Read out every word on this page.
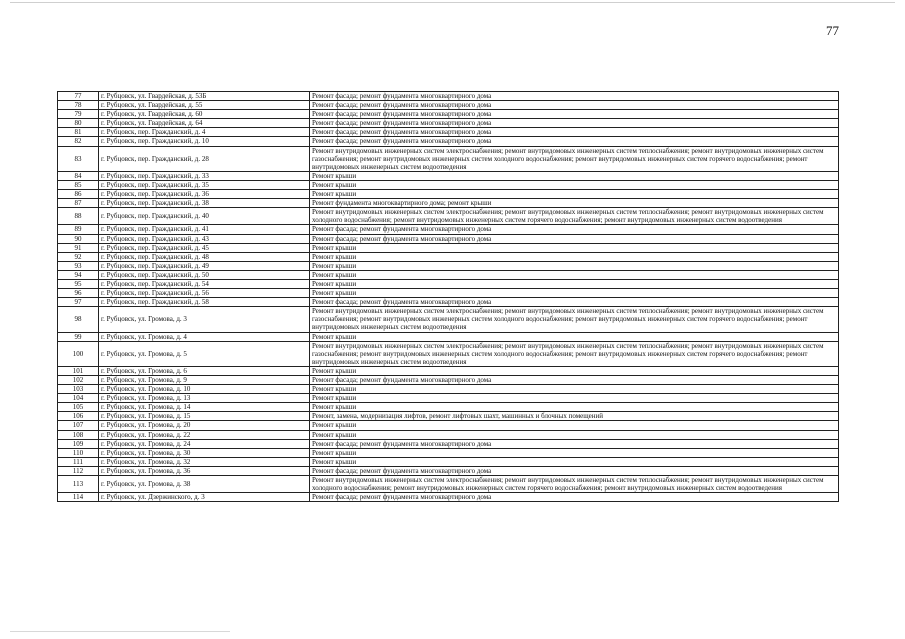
77
77	г. Рубцовск, ул. Гвардейская, д. 53Б	Ремонт фасада; ремонт фундамента многоквартирного дома
78	г. Рубцовск, ул. Гвардейская, д. 55	Ремонт фасада; ремонт фундамента многоквартирного дома
79	г. Рубцовск, ул. Гвардейская, д. 60	Ремонт фасада; ремонт фундамента многоквартирного дома
80	г. Рубцовск, ул. Гвардейская, д. 64	Ремонт фасада; ремонт фундамента многоквартирного дома
81	г. Рубцовск, пер. Гражданский, д. 4	Ремонт фасада; ремонт фундамента многоквартирного дома
82	г. Рубцовск, пер. Гражданский, д. 10	Ремонт фасада; ремонт фундамента многоквартирного дома
83	г. Рубцовск, пер. Гражданский, д. 28	Ремонт внутридомовых инженерных систем электроснабжения; ремонт внутридомовых инженерных систем теплоснабжения; ремонт внутридомовых инженерных систем газоснабжения; ремонт внутридомовых инженерных систем холодного водоснабжения; ремонт внутридомовых инженерных систем горячего водоснабжения; ремонт внутридомовых инженерных систем водоотведения
84	г. Рубцовск, пер. Гражданский, д. 33	Ремонт крыши
85	г. Рубцовск, пер. Гражданский, д. 35	Ремонт крыши
86	г. Рубцовск, пер. Гражданский, д. 36	Ремонт крыши
87	г. Рубцовск, пер. Гражданский, д. 38	Ремонт фундамента многоквартирного дома; ремонт крыши
88	г. Рубцовск, пер. Гражданский, д. 40	Ремонт внутридомовых инженерных систем электроснабжения; ремонт внутридомовых инженерных систем теплоснабжения; ремонт внутридомовых инженерных систем холодного водоснабжения; ремонт внутридомовых инженерных систем горячего водоснабжения; ремонт внутридомовых инженерных систем водоотведения
89	г. Рубцовск, пер. Гражданский, д. 41	Ремонт фасада; ремонт фундамента многоквартирного дома
90	г. Рубцовск, пер. Гражданский, д. 43	Ремонт фасада; ремонт фундамента многоквартирного дома
91	г. Рубцовск, пер. Гражданский, д. 45	Ремонт крыши
92	г. Рубцовск, пер. Гражданский, д. 48	Ремонт крыши
93	г. Рубцовск, пер. Гражданский, д. 49	Ремонт крыши
94	г. Рубцовск, пер. Гражданский, д. 50	Ремонт крыши
95	г. Рубцовск, пер. Гражданский, д. 54	Ремонт крыши
96	г. Рубцовск, пер. Гражданский, д. 56	Ремонт крыши
97	г. Рубцовск, пер. Гражданский, д. 58	Ремонт фасада; ремонт фундамента многоквартирного дома
98	г. Рубцовск, ул. Громова, д. 3	Ремонт внутридомовых инженерных систем электроснабжения; ремонт внутридомовых инженерных систем теплоснабжения; ремонт внутридомовых инженерных систем газоснабжения; ремонт внутридомовых инженерных систем холодного водоснабжения; ремонт внутридомовых инженерных систем горячего водоснабжения; ремонт внутридомовых инженерных систем водоотведения
99	г. Рубцовск, ул. Громова, д. 4	Ремонт крыши
100	г. Рубцовск, ул. Громова, д. 5	Ремонт внутридомовых инженерных систем электроснабжения; ремонт внутридомовых инженерных систем теплоснабжения; ремонт внутридомовых инженерных систем газоснабжения; ремонт внутридомовых инженерных систем холодного водоснабжения; ремонт внутридомовых инженерных систем горячего водоснабжения; ремонт внутридомовых инженерных систем водоотведения
101	г. Рубцовск, ул. Громова, д. 6	Ремонт крыши
102	г. Рубцовск, ул. Громова, д. 9	Ремонт фасада; ремонт фундамента многоквартирного дома
103	г. Рубцовск, ул. Громова, д. 10	Ремонт крыши
104	г. Рубцовск, ул. Громова, д. 13	Ремонт крыши
105	г. Рубцовск, ул. Громова, д. 14	Ремонт крыши
106	г. Рубцовск, ул. Громова, д. 15	Ремонт, замена, модернизация лифтов, ремонт лифтовых шахт, машинных и блочных помещений
107	г. Рубцовск, ул. Громова, д. 20	Ремонт крыши
108	г. Рубцовск, ул. Громова, д. 22	Ремонт крыши
109	г. Рубцовск, ул. Громова, д. 24	Ремонт фасада; ремонт фундамента многоквартирного дома
110	г. Рубцовск, ул. Громова, д. 30	Ремонт крыши
111	г. Рубцовск, ул. Громова, д. 32	Ремонт крыши
112	г. Рубцовск, ул. Громова, д. 36	Ремонт фасада; ремонт фундамента многоквартирного дома
113	г. Рубцовск, ул. Громова, д. 38	Ремонт внутридомовых инженерных систем электроснабжения; ремонт внутридомовых инженерных систем теплоснабжения; ремонт внутридомовых инженерных систем холодного водоснабжения; ремонт внутридомовых инженерных систем горячего водоснабжения; ремонт внутридомовых инженерных систем водоотведения
114	г. Рубцовск, ул. Дзержинского, д. 3	Ремонт фасада; ремонт фундамента многоквартирного дома
